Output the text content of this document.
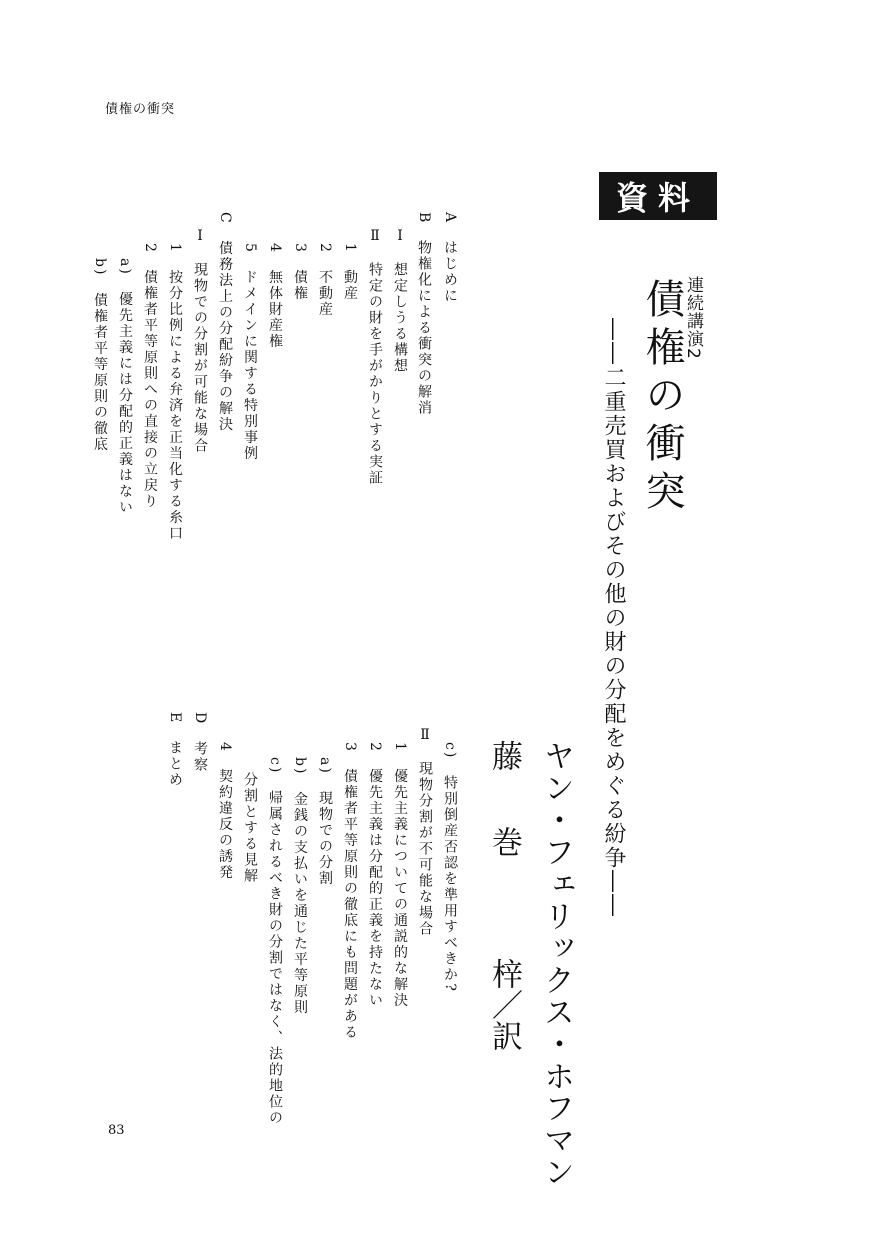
債権の衝突
資料
連続講演2
債権の衝突
――二重売買およびその他の財の分配をめぐる紛争――
ヤン・フェリックス・ホフマン
藤
巻
梓／訳
A　はじめに
B　物権化による衝突の解消
Ⅰ　想定しうる構想
Ⅱ　特定の財を手がかりとする実証
1　動産
2　不動産
3　債権
4　無体財産権
5　ドメインに関する特別事例
C　債務法上の分配紛争の解決
Ⅰ　現物での分割が可能な場合
1　按分比例による弁済を正当化する糸口
2　債権者平等原則への直接の立戻り
a)　優先主義には分配的正義はない
b)　債権者平等原則の徹底
c)　特別倒産否認を準用すべきか?
Ⅱ　現物分割が不可能な場合
1　優先主義についての通説的な解決
2　優先主義は分配的正義を持たない
3　債権者平等原則の徹底にも問題がある
a)　現物での分割
b)　金銭の支払いを通じた平等原則
c)　帰属されるべき財の分割ではなく、法的地位の
分割とする見解
4　契約違反の誘発
D　考察
E　まとめ
83
